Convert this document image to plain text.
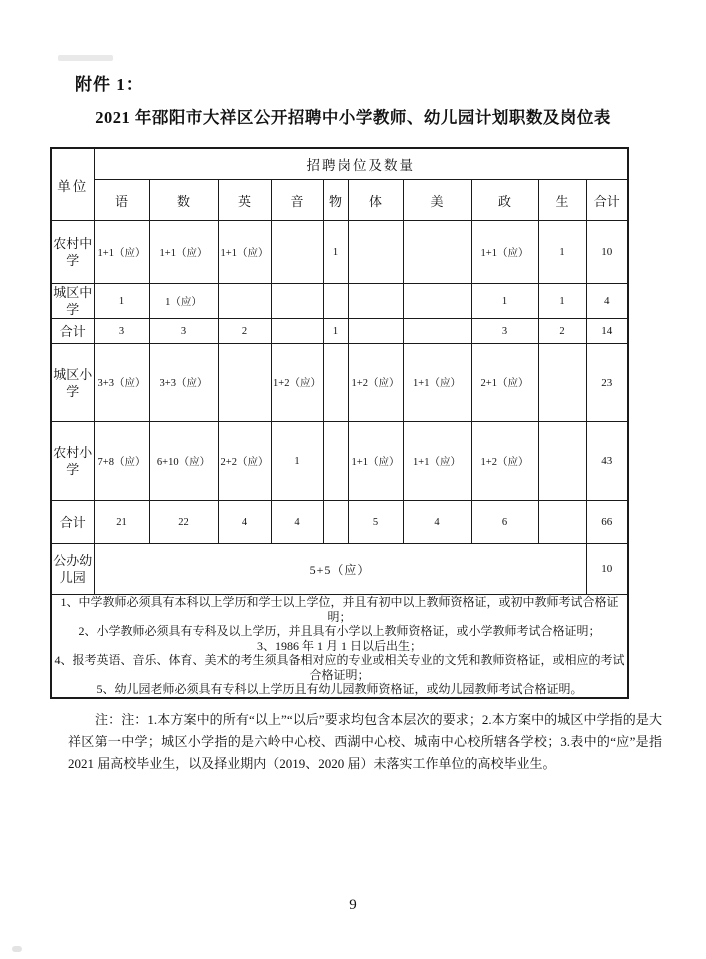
附件 1：
2021 年邵阳市大祥区公开招聘中小学教师、幼儿园计划职数及岗位表
单位	招聘岗位及数量									
	语	数	英	音	物	体	美	政	生	合计
农村中学	1+1（应）	1+1（应）	1+1（应）		1			1+1（应）	1	10
城区中学	1	1（应）						1	1	4
合计	3	3	2		1			3	2	14
城区小学	3+3（应）	3+3（应）		1+2（应）		1+2（应）	1+1（应）	2+1（应）		23
农村小学	7+8（应）	6+10（应）	2+2（应）	1		1+1（应）	1+1（应）	1+2（应）		43
合计	21	22	4	4		5	4	6		66
公办幼儿园	5+5（应）									10

1、中学教师必须具有本科以上学历和学士以上学位，并且有初中以上教师资格证，或初中教师考试合格证明；
2、小学教师必须具有专科及以上学历，并且具有小学以上教师资格证，或小学教师考试合格证明；
3、1986 年 1 月 1 日以后出生；
4、报考英语、音乐、体育、美术的考生须具备相对应的专业或相关专业的文凭和教师资格证，或相应的考试合格证明；
5、幼儿园老师必须具有专科以上学历且有幼儿园教师资格证，或幼儿园教师考试合格证明。										
注：注：1.本方案中的所有“以上”“以后”要求均包含本层次的要求；2.本方案中的城区中学指的是大祥区第一中学；城区小学指的是六岭中心校、西湖中心校、城南中心校所辖各学校；3.表中的“应”是指 2021 届高校毕业生，以及择业期内（2019、2020 届）未落实工作单位的高校毕业生。
9
